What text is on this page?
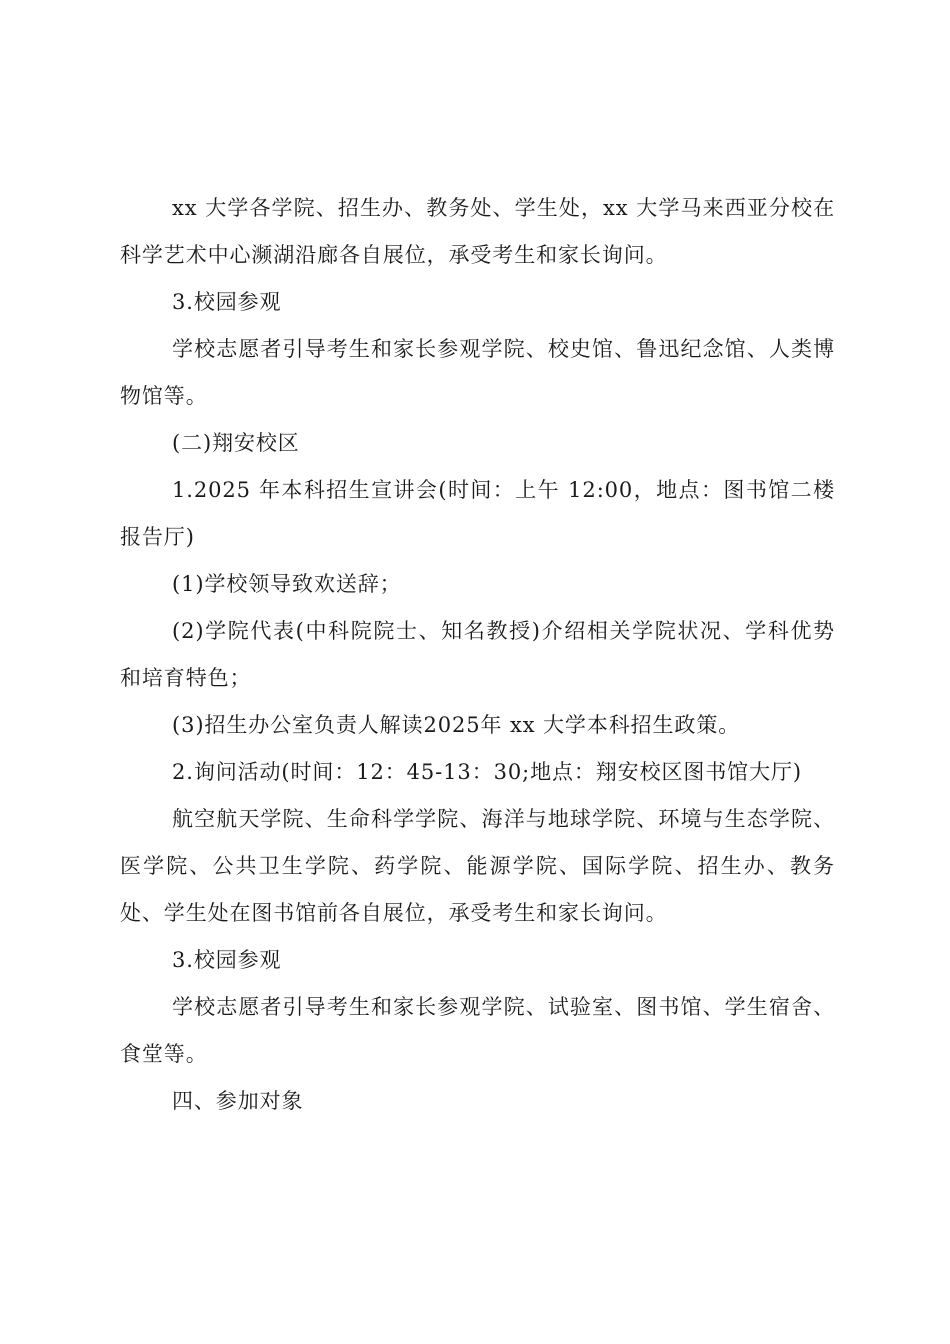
xx 大学各学院、招生办、教务处、学生处，xx 大学马来西亚分校在科学艺术中心濒湖沿廊各自展位，承受考生和家长询问。

3.校园参观

学校志愿者引导考生和家长参观学院、校史馆、鲁迅纪念馆、人类博物馆等。

(二)翔安校区

1.2025 年本科招生宣讲会(时间：上午 12:00，地点：图书馆二楼报告厅)

(1)学校领导致欢送辞；

(2)学院代表(中科院院士、知名教授)介绍相关学院状况、学科优势和培育特色；

(3)招生办公室负责人解读2025年 xx 大学本科招生政策。

2.询问活动(时间：12：45-13：30;地点：翔安校区图书馆大厅)

航空航天学院、生命科学学院、海洋与地球学院、环境与生态学院、医学院、公共卫生学院、药学院、能源学院、国际学院、招生办、教务处、学生处在图书馆前各自展位，承受考生和家长询问。

3.校园参观

学校志愿者引导考生和家长参观学院、试验室、图书馆、学生宿舍、食堂等。

四、参加对象
